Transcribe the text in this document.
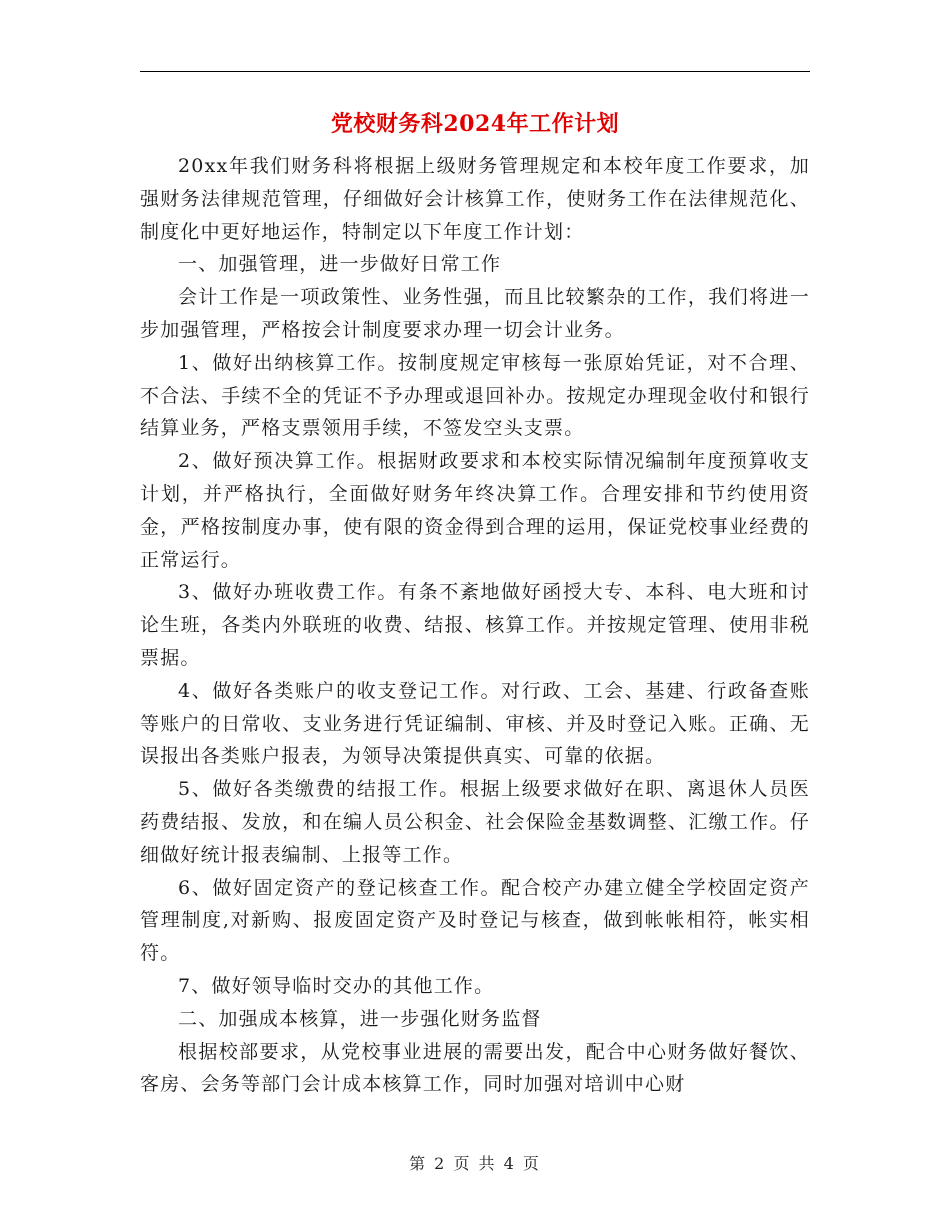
党校财务科2024年工作计划

20xx年我们财务科将根据上级财务管理规定和本校年度工作要求，加强财务法律规范管理，仔细做好会计核算工作，使财务工作在法律规范化、制度化中更好地运作，特制定以下年度工作计划：

一、加强管理，进一步做好日常工作

会计工作是一项政策性、业务性强，而且比较繁杂的工作，我们将进一步加强管理，严格按会计制度要求办理一切会计业务。

1、做好出纳核算工作。按制度规定审核每一张原始凭证，对不合理、不合法、手续不全的凭证不予办理或退回补办。按规定办理现金收付和银行结算业务，严格支票领用手续，不签发空头支票。

2、做好预决算工作。根据财政要求和本校实际情况编制年度预算收支计划，并严格执行，全面做好财务年终决算工作。合理安排和节约使用资金，严格按制度办事，使有限的资金得到合理的运用，保证党校事业经费的正常运行。

3、做好办班收费工作。有条不紊地做好函授大专、本科、电大班和讨论生班，各类内外联班的收费、结报、核算工作。并按规定管理、使用非税票据。

4、做好各类账户的收支登记工作。对行政、工会、基建、行政备查账等账户的日常收、支业务进行凭证编制、审核、并及时登记入账。正确、无误报出各类账户报表，为领导决策提供真实、可靠的依据。

5、做好各类缴费的结报工作。根据上级要求做好在职、离退休人员医药费结报、发放，和在编人员公积金、社会保险金基数调整、汇缴工作。仔细做好统计报表编制、上报等工作。

6、做好固定资产的登记核查工作。配合校产办建立健全学校固定资产管理制度,对新购、报废固定资产及时登记与核查，做到帐帐相符，帐实相符。

7、做好领导临时交办的其他工作。

二、加强成本核算，进一步强化财务监督

根据校部要求，从党校事业进展的需要出发，配合中心财务做好餐饮、客房、会务等部门会计成本核算工作，同时加强对培训中心财

第 2 页 共 4 页
